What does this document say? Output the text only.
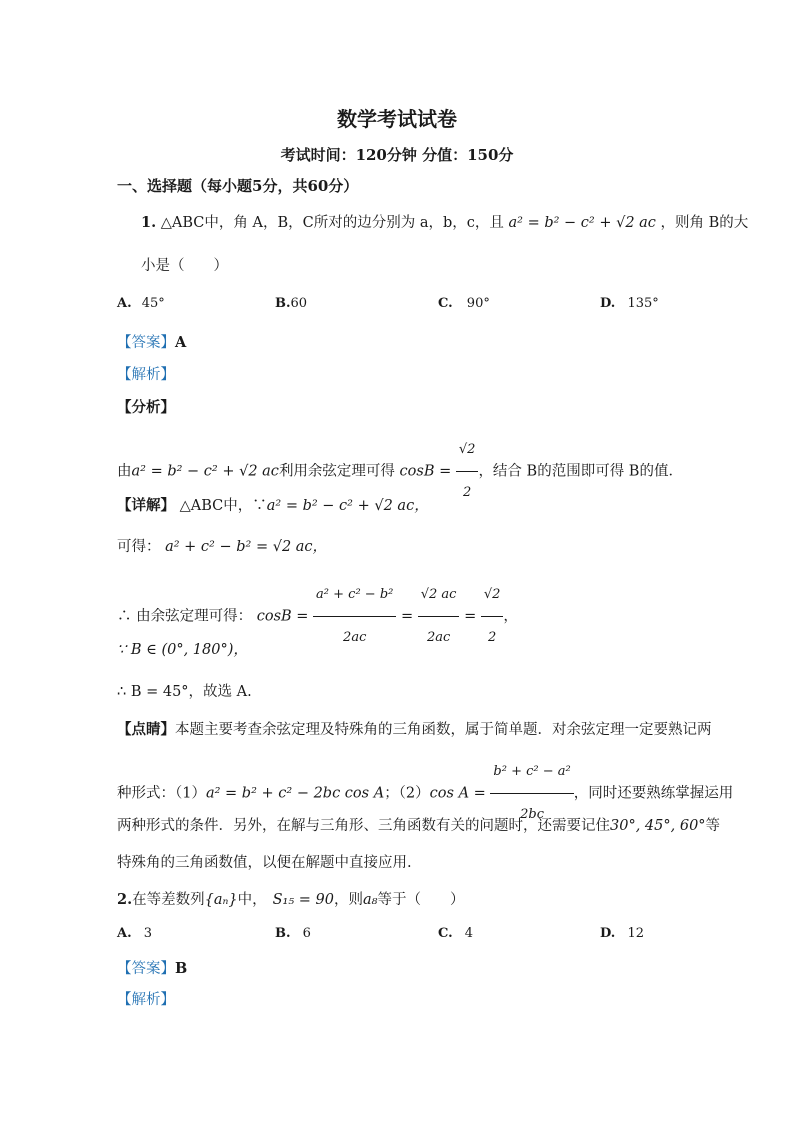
数学考试试卷
考试时间：120分钟 分值：150分
一、选择题（每小题5分，共60分）
1. △ABC中，角 A，B，C所对的边分别为 a，b，c，且 a² = b² − c² + √2 ac ，则角 B的大
小是（　　）
A. 45°	B.60	C. 90°	D. 135°
【答案】A
【解析】
【分析】
由a² = b² − c² + √2 ac利用余弦定理可得 $\cos B = \frac{√2}{2}$ ，结合 B的范围即可得 B的值．
【详解】 △ABC中，∵a² = b² − c² + √2 ac，
可得： a² + c² − b² = √2 ac，
∴ 由余弦定理可得： $\cos B = \frac{\text{a² + c² − b²}}{2ac} = \frac{√2 ac}{2ac} = \frac{√2}{2}$ ，
∵ B ∈ (0°, 180°)，
∴ B = 45°，故选 A.
【点睛】本题主要考查余弦定理及特殊角的三角函数，属于简单题．对余弦定理一定要熟记两
种形式：（1）a² = b² + c² − 2bc cos A；（2）cos $A = \frac{\text{b² + c² − a²}}{2bc}$ ，同时还要熟练掌握运用
两种形式的条件．另外，在解与三角形、三角函数有关的问题时，还需要记住30°, 45°, 60°等
特殊角的三角函数值，以便在解题中直接应用.
2.在等差数列{aₙ}中， S₁₅ = 90，则a₈等于（　　）
A. 3	B. 6	C. 4	D. 12
【答案】B
【解析】
